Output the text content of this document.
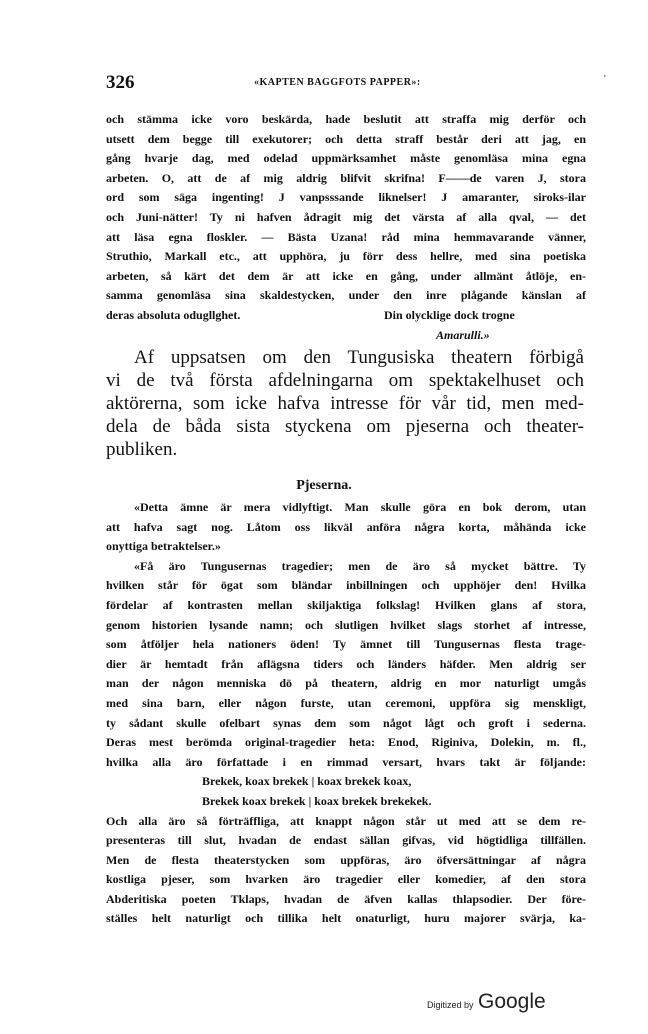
326	«KAPTEN BAGGFOTS PAPPER»:	'
och stämma icke voro beskärda, hade beslutit att straffa mig derför och
utsett dem begge till exekutorer; och detta straff består deri att jag, en
gång hvarje dag, med odelad uppmärksamhet måste genomläsa mina egna
arbeten. O, att de af mig aldrig blifvit skrifna! F——de varen J, stora
ord som säga ingenting! J vanpsssande liknelser! J amaranter, siroks-ilar
och Juni-nätter! Ty ni hafven ådragit mig det värsta af alla qval, — det
att läsa egna floskler. — Bästa Uzana! råd mina hemmavarande vänner,
Struthio, Markall etc., att upphöra, ju förr dess hellre, med sina poetiska
arbeten, så kärt det dem är att icke en gång, under allmänt åtlöje, en-
samma genomläsa sina skaldestycken, under den inre plågande känslan af
deras absoluta odugllghet.	Din olycklige dock trogne
Amarulli.»
Af uppsatsen om den Tungusiska theatern förbigå
vi de två första afdelningarna om spektakelhuset och
aktörerna, som icke hafva intresse för vår tid, men med-
dela de båda sista styckena om pjeserna och theater-
publiken.
Pjeserna.
«Detta ämne är mera vidlyftigt. Man skulle göra en bok derom, utan
att hafva sagt nog. Låtom oss likväl anföra några korta, måhända icke
onyttiga betraktelser.»
«Få äro Tungusernas tragedier; men de äro så mycket bättre. Ty
hvilken står för ögat som bländar inbillningen och upphöjer den! Hvilka
fördelar af kontrasten mellan skiljaktiga folkslag! Hvilken glans af stora,
genom historien lysande namn; och slutligen hvilket slags storhet af intresse,
som åtföljer hela nationers öden! Ty ämnet till Tungusernas flesta trage-
dier är hemtadt från aflägsna tiders och länders häfder. Men aldrig ser
man der någon menniska dö på theatern, aldrig en mor naturligt umgås
med sina barn, eller någon furste, utan ceremoni, uppföra sig menskligt,
ty sådant skulle ofelbart synas dem som något lågt och groft i sederna.
Deras mest berömda original-tragedier heta: Enod, Riginiva, Dolekin, m. fl.,
hvilka alla äro författade i en rimmad versart, hvars takt är följande:
Brekek, koax brekek | koax brekek koax,
Brekek koax brekek | koax brekek brekekek.
Och alla äro så förträffliga, att knappt någon står ut med att se dem re-
presenteras till slut, hvadan de endast sällan gifvas, vid högtidliga tillfällen.
Men de flesta theaterstycken som uppföras, äro öfversättningar af några
kostliga pjeser, som hvarken äro tragedier eller komedier, af den stora
Abderitiska poeten Tklaps, hvadan de äfven kallas thlapsodier. Der före-
ställes helt naturligt och tillika helt onaturligt, huru majorer svärja, ka-
Digitized by Google
